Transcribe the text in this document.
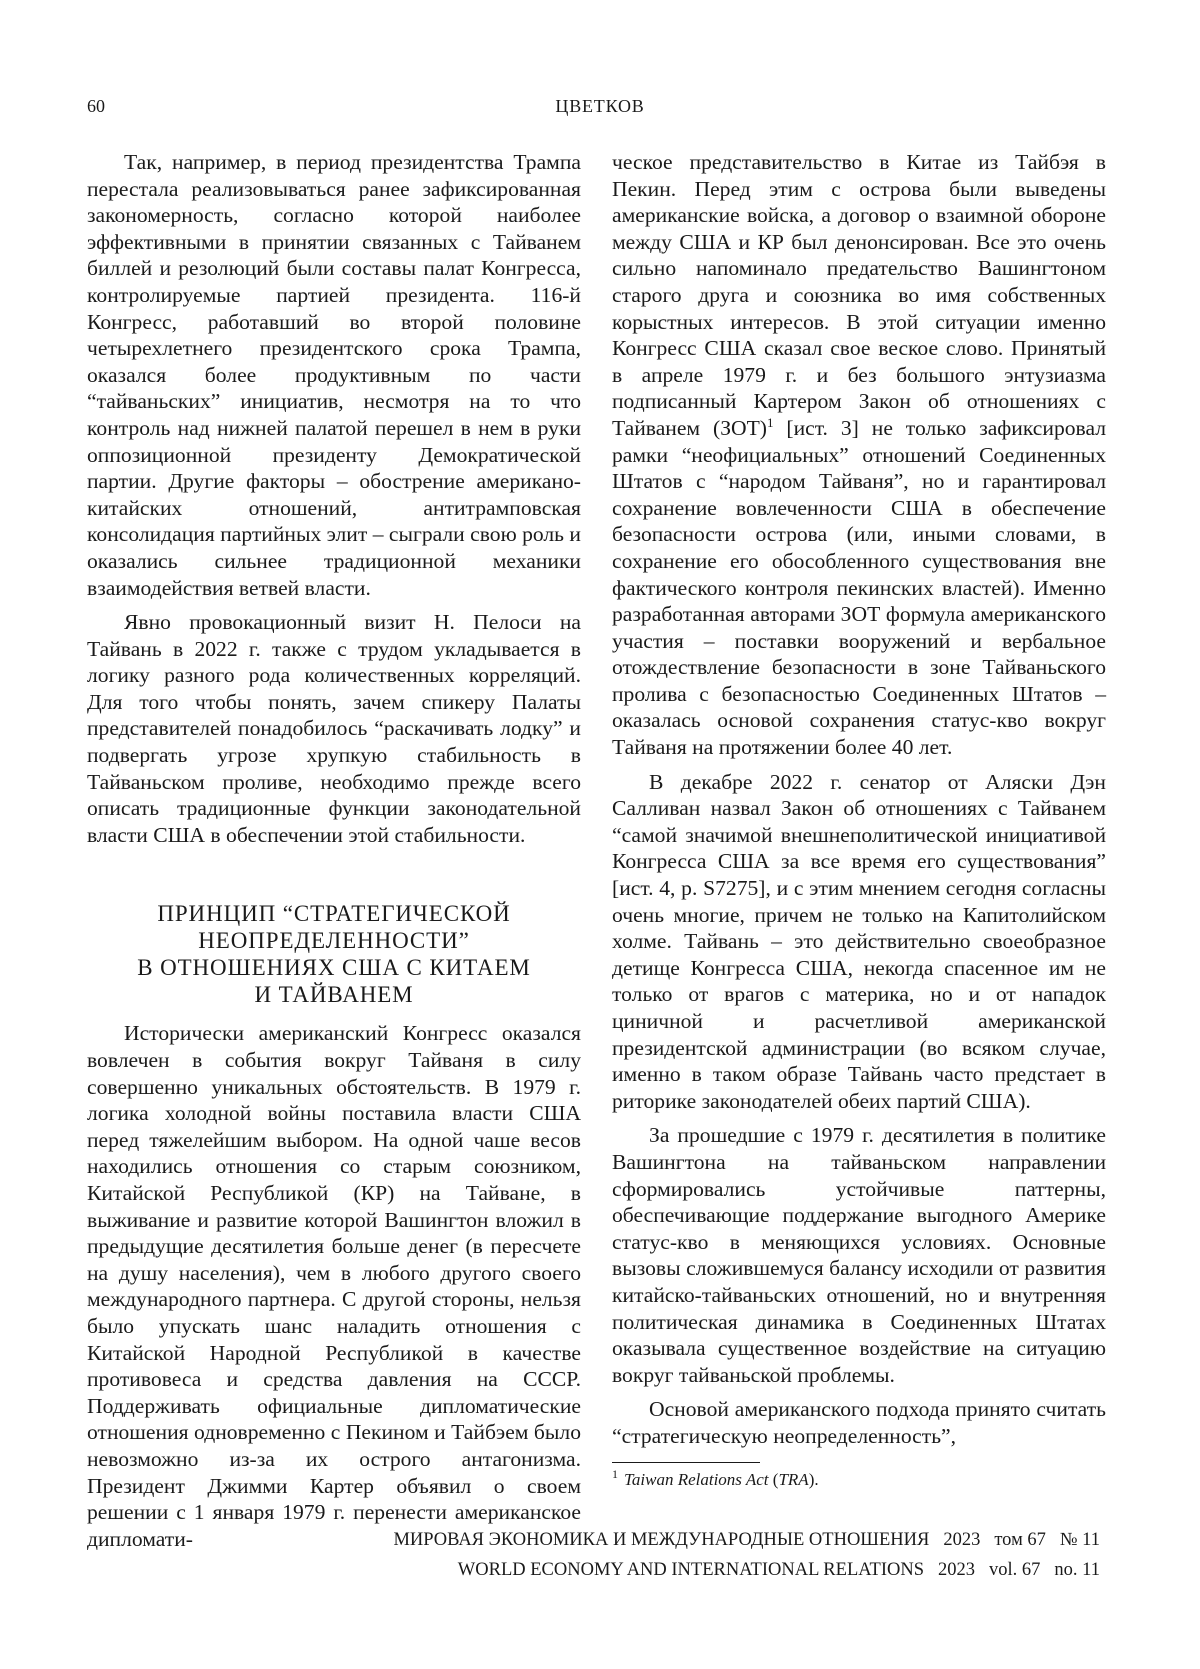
60	ЦВЕТКОВ

Так, например, в период президентства Трампа перестала реализовываться ранее зафиксированная закономерность, согласно которой наиболее эффективными в принятии связанных с Тайванем биллей и резолюций были составы палат Конгресса, контролируемые партией президента. 116-й Конгресс, работавший во второй половине четырехлетнего президентского срока Трампа, оказался более продуктивным по части “тайваньских” инициатив, несмотря на то что контроль над нижней палатой перешел в нем в руки оппозиционной президенту Демократической партии. Другие факторы – обострение американо-китайских отношений, антитрамповская консолидация партийных элит – сыграли свою роль и оказались сильнее традиционной механики взаимодействия ветвей власти.

Явно провокационный визит Н. Пелоси на Тайвань в 2022 г. также с трудом укладывается в логику разного рода количественных корреляций. Для того чтобы понять, зачем спикеру Палаты представителей понадобилось “раскачивать лодку” и подвергать угрозе хрупкую стабильность в Тайваньском проливе, необходимо прежде всего описать традиционные функции законодательной власти США в обеспечении этой стабильности.

ПРИНЦИП “СТРАТЕГИЧЕСКОЙ
НЕОПРЕДЕЛЕННОСТИ”
В ОТНОШЕНИЯХ США С КИТАЕМ
И ТАЙВАНЕМ

Исторически американский Конгресс оказался вовлечен в события вокруг Тайваня в силу совершенно уникальных обстоятельств. В 1979 г. логика холодной войны поставила власти США перед тяжелейшим выбором. На одной чаше весов находились отношения со старым союзником, Китайской Республикой (КР) на Тайване, в выживание и развитие которой Вашингтон вложил в предыдущие десятилетия больше денег (в пересчете на душу населения), чем в любого другого своего международного партнера. С другой стороны, нельзя было упускать шанс наладить отношения с Китайской Народной Республикой в качестве противовеса и средства давления на СССР. Поддерживать официальные дипломатические отношения одновременно с Пекином и Тайбэем было невозможно из-за их острого антагонизма. Президент Джимми Картер объявил о своем решении с 1 января 1979 г. перенести американское дипломати-

ческое представительство в Китае из Тайбэя в Пекин. Перед этим с острова были выведены американские войска, а договор о взаимной обороне между США и КР был денонсирован. Все это очень сильно напоминало предательство Вашингтоном старого друга и союзника во имя собственных корыстных интересов. В этой ситуации именно Конгресс США сказал свое веское слово. Принятый в апреле 1979 г. и без большого энтузиазма подписанный Картером Закон об отношениях с Тайванем (ЗОТ)$^1$ [ист. 3] не только зафиксировал рамки “неофициальных” отношений Соединенных Штатов с “народом Тайваня”, но и гарантировал сохранение вовлеченности США в обеспечение безопасности острова (или, иными словами, в сохранение его обособленного существования вне фактического контроля пекинских властей). Именно разработанная авторами ЗОТ формула американского участия – поставки вооружений и вербальное отождествление безопасности в зоне Тайваньского пролива с безопасностью Соединенных Штатов – оказалась основой сохранения статус-кво вокруг Тайваня на протяжении более 40 лет.

В декабре 2022 г. сенатор от Аляски Дэн Салливан назвал Закон об отношениях с Тайванем “самой значимой внешнеполитической инициативой Конгресса США за все время его существования” [ист. 4, p. S7275], и с этим мнением сегодня согласны очень многие, причем не только на Капитолийском холме. Тайвань – это действительно своеобразное детище Конгресса США, некогда спасенное им не только от врагов с материка, но и от нападок циничной и расчетливой американской президентской администрации (во всяком случае, именно в таком образе Тайвань часто предстает в риторике законодателей обеих партий США).

За прошедшие с 1979 г. десятилетия в политике Вашингтона на тайваньском направлении сформировались устойчивые паттерны, обеспечивающие поддержание выгодного Америке статус-кво в меняющихся условиях. Основные вызовы сложившемуся балансу исходили от развития китайско-тайваньских отношений, но и внутренняя политическая динамика в Соединенных Штатах оказывала существенное воздействие на ситуацию вокруг тайваньской проблемы.

Основой американского подхода принято считать “стратегическую неопределенность”,

$^1$ Taiwan Relations Act (TRA).
МИРОВАЯ ЭКОНОМИКА И МЕЖДУНАРОДНЫЕ ОТНОШЕНИЯ 2023 том 67 № 11
WORLD ECONOMY AND INTERNATIONAL RELATIONS 2023 vol. 67 no. 11
